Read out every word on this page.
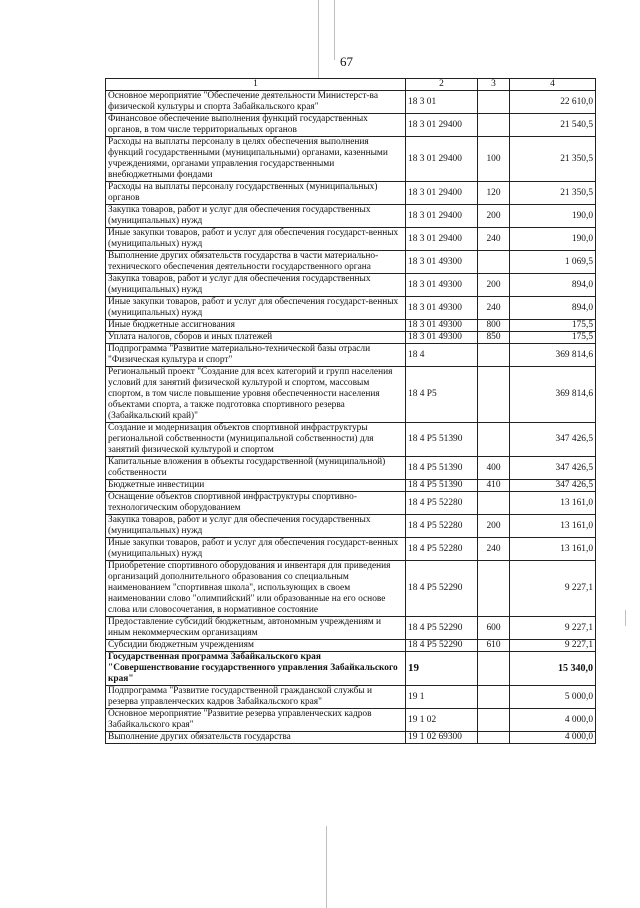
67
1	2	3	4
Основное мероприятие "Обеспечение деятельности Министерст-ва физической культуры и спорта Забайкальского края"	18 3 01		22 610,0
Финансовое обеспечение выполнения функций государственных органов, в том числе территориальных органов	18 3 01 29400		21 540,5
Расходы на выплаты персоналу в целях обеспечения выполнения функций государственными (муниципальными) органами, казенными учреждениями, органами управления государственными внебюджетными фондами	18 3 01 29400	100	21 350,5
Расходы на выплаты персоналу государственных (муниципальных) органов	18 3 01 29400	120	21 350,5
Закупка товаров, работ и услуг для обеспечения государственных (муниципальных) нужд	18 3 01 29400	200	190,0
Иные закупки товаров, работ и услуг для обеспечения государст-венных (муниципальных) нужд	18 3 01 29400	240	190,0
Выполнение других обязательств государства в части материально-технического обеспечения деятельности государственного органа	18 3 01 49300		1 069,5
Закупка товаров, работ и услуг для обеспечения государственных (муниципальных) нужд	18 3 01 49300	200	894,0
Иные закупки товаров, работ и услуг для обеспечения государст-венных (муниципальных) нужд	18 3 01 49300	240	894,0
Иные бюджетные ассигнования	18 3 01 49300	800	175,5
Уплата налогов, сборов и иных платежей	18 3 01 49300	850	175,5
Подпрограмма "Развитие материально-технической базы отрасли "Физическая культура и спорт"	18 4		369 814,6
Региональный проект "Создание для всех категорий и групп населения условий для занятий физической культурой и спортом, массовым спортом, в том числе повышение уровня обеспеченности населения объектами спорта, а также подготовка спортивного резерва (Забайкальский край)"	18 4 P5		369 814,6
Создание и модернизация объектов спортивной инфраструктуры региональной собственности (муниципальной собственности) для занятий физической культурой и спортом	18 4 P5 51390		347 426,5
Капитальные вложения в объекты государственной (муниципальной) собственности	18 4 P5 51390	400	347 426,5
Бюджетные инвестиции	18 4 P5 51390	410	347 426,5
Оснащение объектов спортивной инфраструктуры спортивно-технологическим оборудованием	18 4 P5 52280		13 161,0
Закупка товаров, работ и услуг для обеспечения государственных (муниципальных) нужд	18 4 P5 52280	200	13 161,0
Иные закупки товаров, работ и услуг для обеспечения государст-венных (муниципальных) нужд	18 4 P5 52280	240	13 161,0
Приобретение спортивного оборудования и инвентаря для приведения организаций дополнительного образования со специальным наименованием "спортивная школа", использующих в своем наименовании слово "олимпийский" или образованные на его основе слова или словосочетания, в нормативное состояние	18 4 P5 52290		9 227,1
Предоставление субсидий бюджетным, автономным учреждениям и иным некоммерческим организациям	18 4 P5 52290	600	9 227,1
Субсидии бюджетным учреждениям	18 4 P5 52290	610	9 227,1
Государственная программа Забайкальского края "Совершенствование государственного управления Забайкальского края"	19		15 340,0
Подпрограмма "Развитие государственной гражданской службы и резерва управленческих кадров Забайкальского края"	19 1		5 000,0
Основное мероприятие "Развитие резерва управленческих кадров Забайкальского края"	19 1 02		4 000,0
Выполнение других обязательств государства	19 1 02 69300		4 000,0
